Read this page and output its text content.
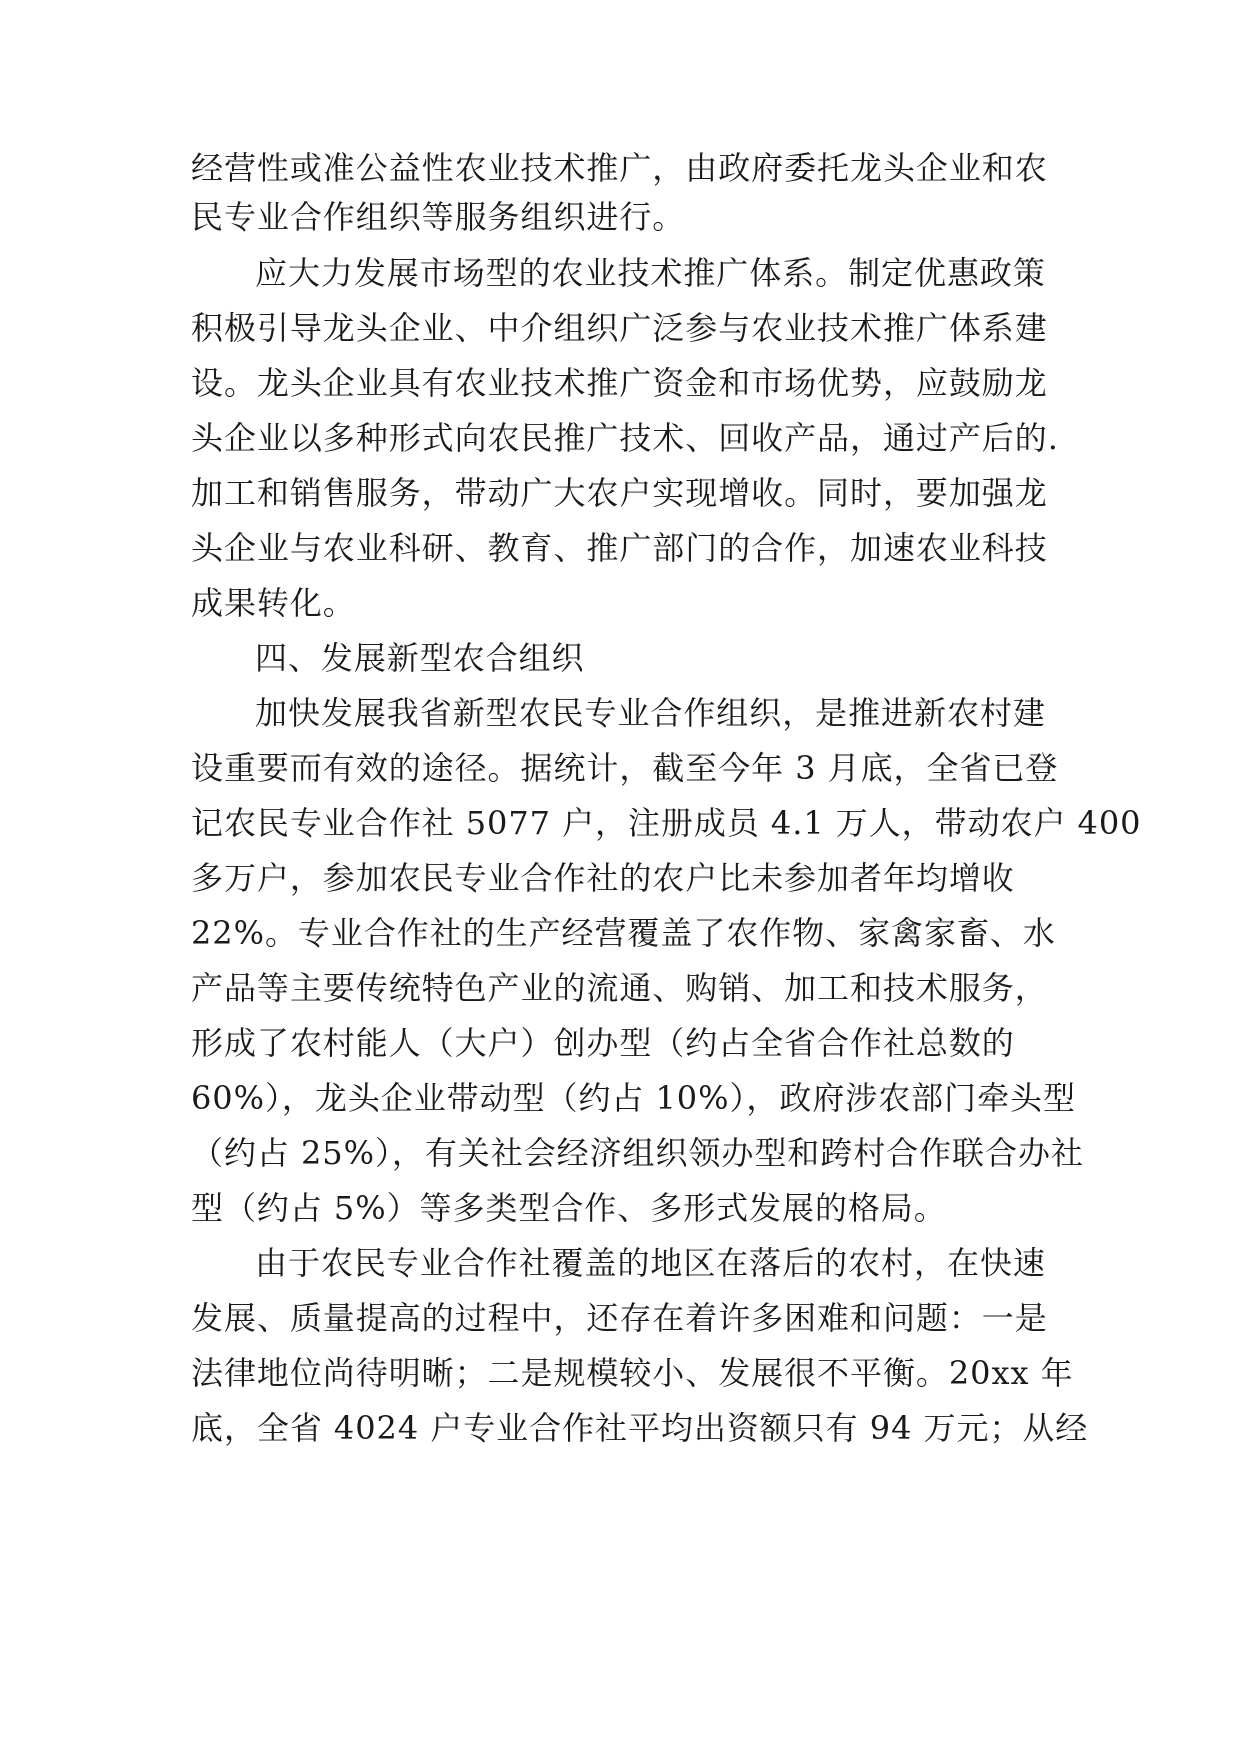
经营性或准公益性农业技术推广，由政府委托龙头企业和农

民专业合作组织等服务组织进行。

应大力发展市场型的农业技术推广体系。制定优惠政策

积极引导龙头企业、中介组织广泛参与农业技术推广体系建

设。龙头企业具有农业技术推广资金和市场优势，应鼓励龙

头企业以多种形式向农民推广技术、回收产品，通过产后的.

加工和销售服务，带动广大农户实现增收。同时，要加强龙

头企业与农业科研、教育、推广部门的合作，加速农业科技

成果转化。

四、发展新型农合组织

加快发展我省新型农民专业合作组织，是推进新农村建

设重要而有效的途径。据统计，截至今年 3 月底，全省已登

记农民专业合作社 5077 户，注册成员 4.1 万人，带动农户 400

多万户，参加农民专业合作社的农户比未参加者年均增收

22%。专业合作社的生产经营覆盖了农作物、家禽家畜、水

产品等主要传统特色产业的流通、购销、加工和技术服务，

形成了农村能人（大户）创办型（约占全省合作社总数的

60%），龙头企业带动型（约占 10%），政府涉农部门牵头型

（约占 25%），有关社会经济组织领办型和跨村合作联合办社

型（约占 5%）等多类型合作、多形式发展的格局。

由于农民专业合作社覆盖的地区在落后的农村，在快速

发展、质量提高的过程中，还存在着许多困难和问题：一是

法律地位尚待明晰；二是规模较小、发展很不平衡。20xx 年

底，全省 4024 户专业合作社平均出资额只有 94 万元；从经
